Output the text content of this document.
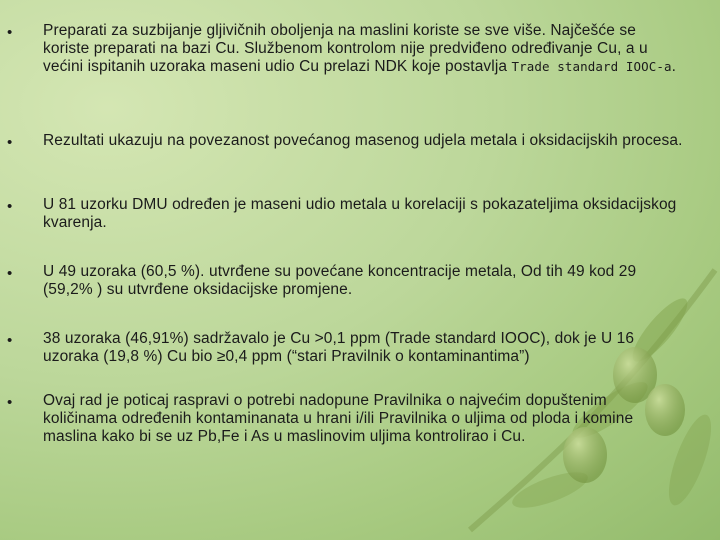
• Preparati za suzbijanje gljivičnih oboljenja na maslini koriste se sve više. Najčešće se koriste preparati na bazi Cu. Službenom kontrolom nije predviđeno određivanje Cu, a u većini ispitanih uzoraka maseni udio Cu prelazi NDK koje postavlja Trade standard IOOC-a.
• Rezultati ukazuju na povezanost povećanog masenog udjela metala i oksidacijskih procesa.
• U 81 uzorku DMU određen je maseni udio metala u korelaciji s pokazateljima oksidacijskog kvarenja.
• U 49 uzoraka (60,5 %). utvrđene su povećane koncentracije metala, Od tih 49 kod 29 (59,2% ) su utvrđene oksidacijske promjene.
• 38 uzoraka (46,91%) sadržavalo je Cu >0,1 ppm (Trade standard IOOC), dok je U 16 uzoraka (19,8 %) Cu bio ≥0,4 ppm (“stari Pravilnik o kontaminantima”)
• Ovaj rad je poticaj raspravi o potrebi nadopune Pravilnika o najvećim dopuštenim količinama određenih kontaminanata u hrani i/ili Pravilnika o uljima od ploda i komine maslina kako bi se uz Pb,Fe i As u maslinovim uljima kontrolirao i Cu.
